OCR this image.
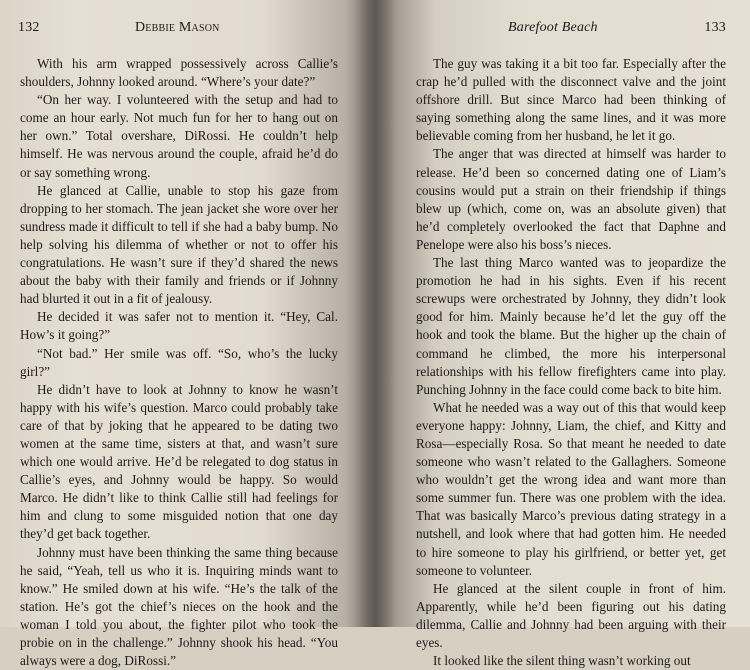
132	Debbie Mason

With his arm wrapped possessively across Callie’s shoulders, Johnny looked around. “Where’s your date?”

“On her way. I volunteered with the setup and had to come an hour early. Not much fun for her to hang out on her own.” Total overshare, DiRossi. He couldn’t help himself. He was nervous around the couple, afraid he’d do or say something wrong.

He glanced at Callie, unable to stop his gaze from dropping to her stomach. The jean jacket she wore over her sundress made it difficult to tell if she had a baby bump. No help solving his dilemma of whether or not to offer his congratulations. He wasn’t sure if they’d shared the news about the baby with their family and friends or if Johnny had blurted it out in a fit of jealousy.

He decided it was safer not to mention it. “Hey, Cal. How’s it going?”

“Not bad.” Her smile was off. “So, who’s the lucky girl?”

He didn’t have to look at Johnny to know he wasn’t happy with his wife’s question. Marco could probably take care of that by joking that he appeared to be dating two women at the same time, sisters at that, and wasn’t sure which one would arrive. He’d be relegated to dog status in Callie’s eyes, and Johnny would be happy. So would Marco. He didn’t like to think Callie still had feelings for him and clung to some misguided notion that one day they’d get back together.

Johnny must have been thinking the same thing because he said, “Yeah, tell us who it is. Inquiring minds want to know.” He smiled down at his wife. “He’s the talk of the station. He’s got the chief’s nieces on the hook and the woman I told you about, the fighter pilot who took the probie on in the challenge.” Johnny shook his head. “You always were a dog, DiRossi.”

Barefoot Beach	133

The guy was taking it a bit too far. Especially after the crap he’d pulled with the disconnect valve and the joint offshore drill. But since Marco had been thinking of saying something along the same lines, and it was more believable coming from her husband, he let it go.

The anger that was directed at himself was harder to release. He’d been so concerned dating one of Liam’s cousins would put a strain on their friendship if things blew up (which, come on, was an absolute given) that he’d completely overlooked the fact that Daphne and Penelope were also his boss’s nieces.

The last thing Marco wanted was to jeopardize the promotion he had in his sights. Even if his recent screwups were orchestrated by Johnny, they didn’t look good for him. Mainly because he’d let the guy off the hook and took the blame. But the higher up the chain of command he climbed, the more his interpersonal relationships with his fellow firefighters came into play. Punching Johnny in the face could come back to bite him.

What he needed was a way out of this that would keep everyone happy: Johnny, Liam, the chief, and Kitty and Rosa—especially Rosa. So that meant he needed to date someone who wasn’t related to the Gallaghers. Someone who wouldn’t get the wrong idea and want more than some summer fun. There was one problem with the idea. That was basically Marco’s previous dating strategy in a nutshell, and look where that had gotten him. He needed to hire someone to play his girlfriend, or better yet, get someone to volunteer.

He glanced at the silent couple in front of him. Apparently, while he’d been figuring out his dating dilemma, Callie and Johnny had been arguing with their eyes.

It looked like the silent thing wasn’t working out
